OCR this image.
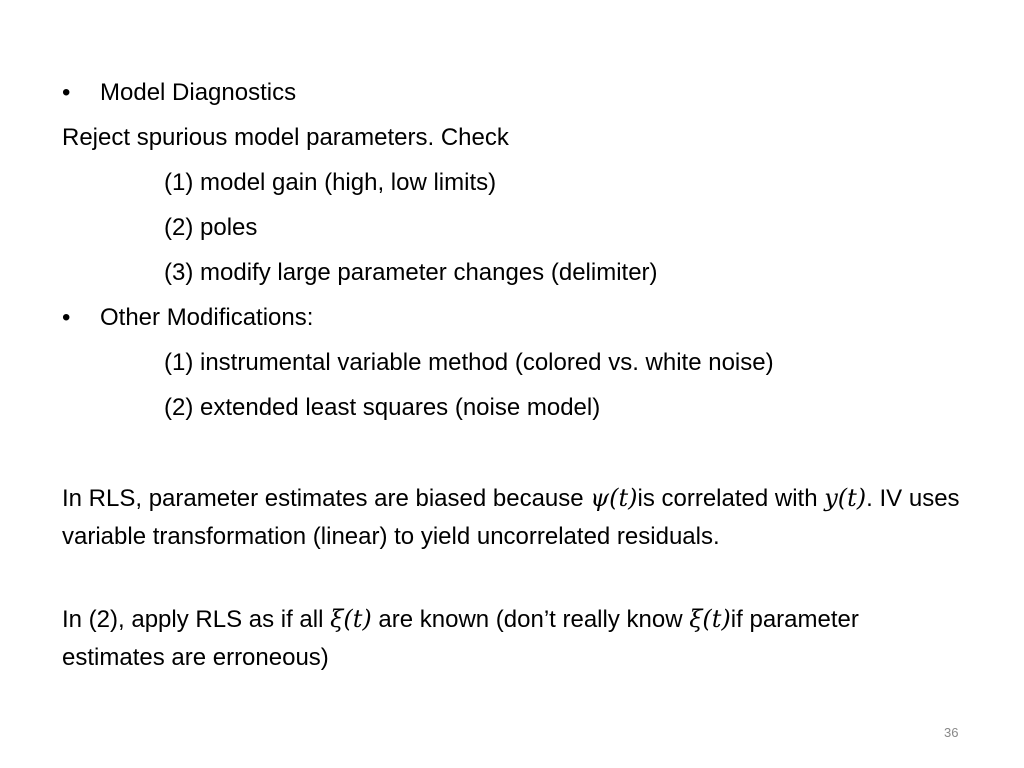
• Model Diagnostics
Reject spurious model parameters. Check
(1) model gain (high, low limits)
(2) poles
(3) modify large parameter changes (delimiter)
• Other Modifications:
(1) instrumental variable method (colored vs. white noise)
(2) extended least squares (noise model)
In RLS, parameter estimates are biased because ψ(t)is correlated with y(t). IV uses variable transformation (linear) to yield uncorrelated residuals.
In (2), apply RLS as if all ξ(t) are known (don’t really know ξ(t)if parameter estimates are erroneous)
36
